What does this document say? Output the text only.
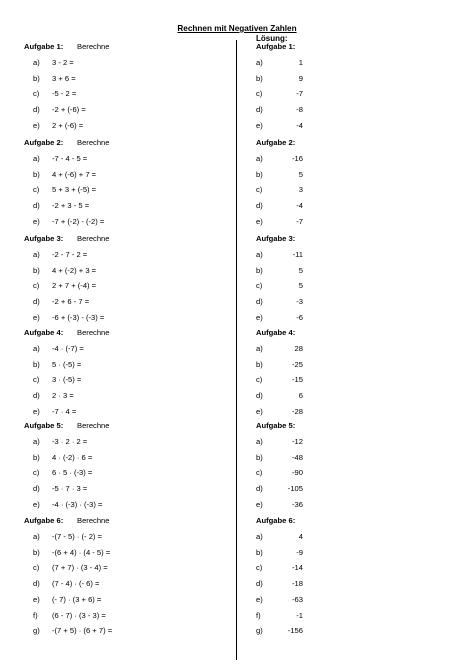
Rechnen mit Negativen Zahlen
Lösung:
Aufgabe 1: Berechne
a) 3 - 2 =
b) 3 + 6 =
c) -5 - 2 =
d) -2 + (-6) =
e) 2 + (-6) =
Aufgabe 2: Berechne
a) -7 - 4 - 5 =
b) 4 + (-6) + 7 =
c) 5 + 3 + (-5) =
d) -2 + 3 - 5 =
e) -7 + (-2) - (-2) =
Aufgabe 3: Berechne
a) -2 - 7 - 2 =
b) 4 + (-2) + 3 =
c) 2 + 7 + (-4) =
d) -2 + 6 - 7 =
e) -6 + (-3) - (-3) =
Aufgabe 4: Berechne
a) -4 · (-7) =
b) 5 · (-5) =
c) 3 · (-5) =
d) 2 · 3 =
e) -7 · 4 =
Aufgabe 5: Berechne
a) -3 · 2 · 2 =
b) 4 · (-2) · 6 =
c) 6 · 5 · (-3) =
d) -5 · 7 · 3 =
e) -4 · (-3) · (-3) =
Aufgabe 6: Berechne
a) -(7 - 5) · (- 2) =
b) -(6 + 4) · (4 - 5) =
c) (7 + 7) · (3 - 4) =
d) (7 - 4) · (- 6) =
e) (- 7) · (3 + 6) =
f) (6 - 7) · (3 - 3) =
g) -(7 + 5) · (6 + 7) =
Aufgabe 1:
a)	1
b)	9
c)	-7
d)	-8
e)	-4
Aufgabe 2:
a)	-16
b)	5
c)	3
d)	-4
e)	-7
Aufgabe 3:
a)	-11
b)	5
c)	5
d)	-3
e)	-6
Aufgabe 4:
a)	28
b)	-25
c)	-15
d)	6
e)	-28
Aufgabe 5:
a)	-12
b)	-48
c)	-90
d)	-105
e)	-36
Aufgabe 6:
a)	4
b)	-9
c)	-14
d)	-18
e)	-63
f)	-1
g)	-156
